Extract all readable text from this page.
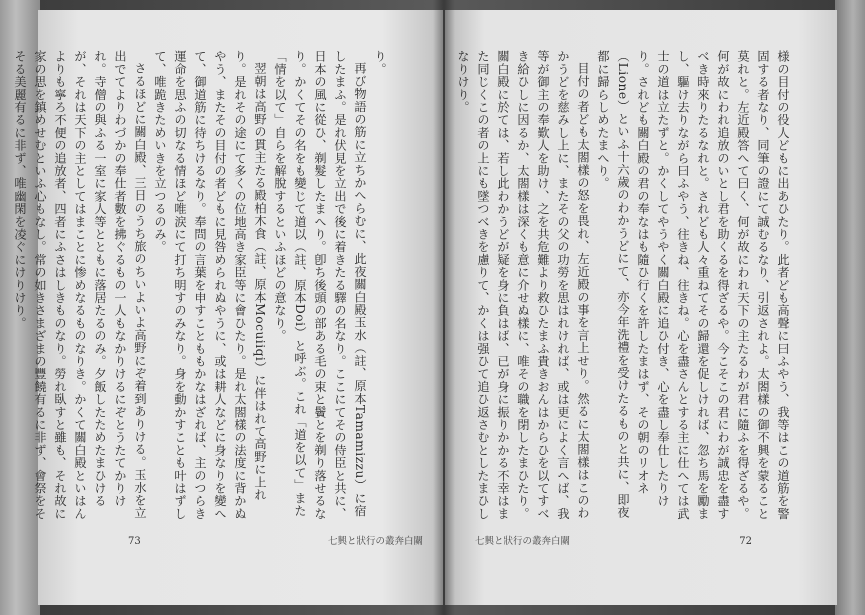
り。

再び物語の筋に立ちかへらむに、此夜關白殿玉水（註、原本Tamamizzu）に宿したまふ。是れ伏見を立出で後に着きたる驛の名なり。ここにてその侍臣と共に、日本の風に從ひ、剃髮したまへり。卽ち後頭の部ある毛の束と鬢とを剃り落せるなり。かくてその名をも變じて道以（註、原本Doi）と呼ぶ。これ「道を以て」また「情を以て」自らを解脫するといふほどの意なり。

翌朝は高野の貫主たる殿柏木食（註、原本Mocuiiqi）に伴はれて高野に上れり。是れその途にて多くの位地高き家臣等に會ひたり。是れ太閤樣の法度に背かぬやう、またその目付の者どもに見咎められぬやうに、或は耕人などに身なりを變へて、御道筋に待ちけるなり。奉問の言葉を申すことももかなはざれば、主のつらき運命を思ふの切なる情ほど唯涙にて打ち明すのみなり。身を動かすことも叶はずして、唯跪きためいきを立つるのみ。

さるほどに關白殿、三日のうち旅のちいよいよ高野にぞ着到ありける。玉水を立出でてよりわづかの奉仕者數を拂ぐるもの一人もなかりけるにぞとうたてかりけれ。寺僧の與ふる一室に家人等とともに落居たるのみ。夕飯したためたまひけるが、それは天下の主としてはまことに惨めなるものなりき。かくて關白殿といはんよりも寧ろ不便の追放者、四者にふさはしきものなり。勞れ臥すと雖も、それ故に家の思を鎮めせむといふ心もなし。常の如きさまざまの豐饒有るに非ず、會祭をそそる美麗有るに非ず、唯幽閑を凌ぐにけりけり。

73	七興と狀行の叢奔白關

様の目付の役人どもに出あひたり。此者ども高聲に曰ふやう、我等はこの道筋を警固する者なり、同筆の證にて誠むるなり、引返されよ。太閤樣の御不興を蒙ること莫れと。左近殿答へて曰く、何が故にわれ天下の主たるわが君に隨ふを得ざるや。何が故にわれ追放のいとし君を助くるを得ざるや。今こそこの君にわが誠忠を盡すべき時來りたるなれと。されども人々重ねてその歸還を促しければ、忽ち馬を勵まし、驅け去りながら曰ふやう、往きね、往きね。心を盡さんとする主に仕へては武士の道は立たずと。かくしてやうやく關白殿に追ひ付き、心を盡し奉仕したりけり。されども關白殿の君の奉なはも隨ひ行くを許したまはず、その朝のリオネ（Lione）といふ十六歲のわかうどにて、亦今年洗禮を受けたるものと共に、即夜都に歸らしめたまへり。

目付の者ども太閤樣の怒を畏れ、左近殿の事を言上せり。然るに太閤樣はこのわかうどを慈みし上に、またその父の功勞を思はれければ、或は更によく言へば、我等が御主の奉歎人を助け、之を共危難より救ひたまふ貴きおんはからひを以てすべき給ひしに因るか、太閤樣は深くも意に介せぬ樣に、唯その職を閉したまひたり。關白殿に於ては、若し此わかうどが疑を身に負はば、已が身に振りかかる不幸はまた同じくこの者の上にも墜つべきを慮りて、かくは强ひて追ひ返さむとしたまひしなりけり。

72
七興と狀行の叢奔白關
